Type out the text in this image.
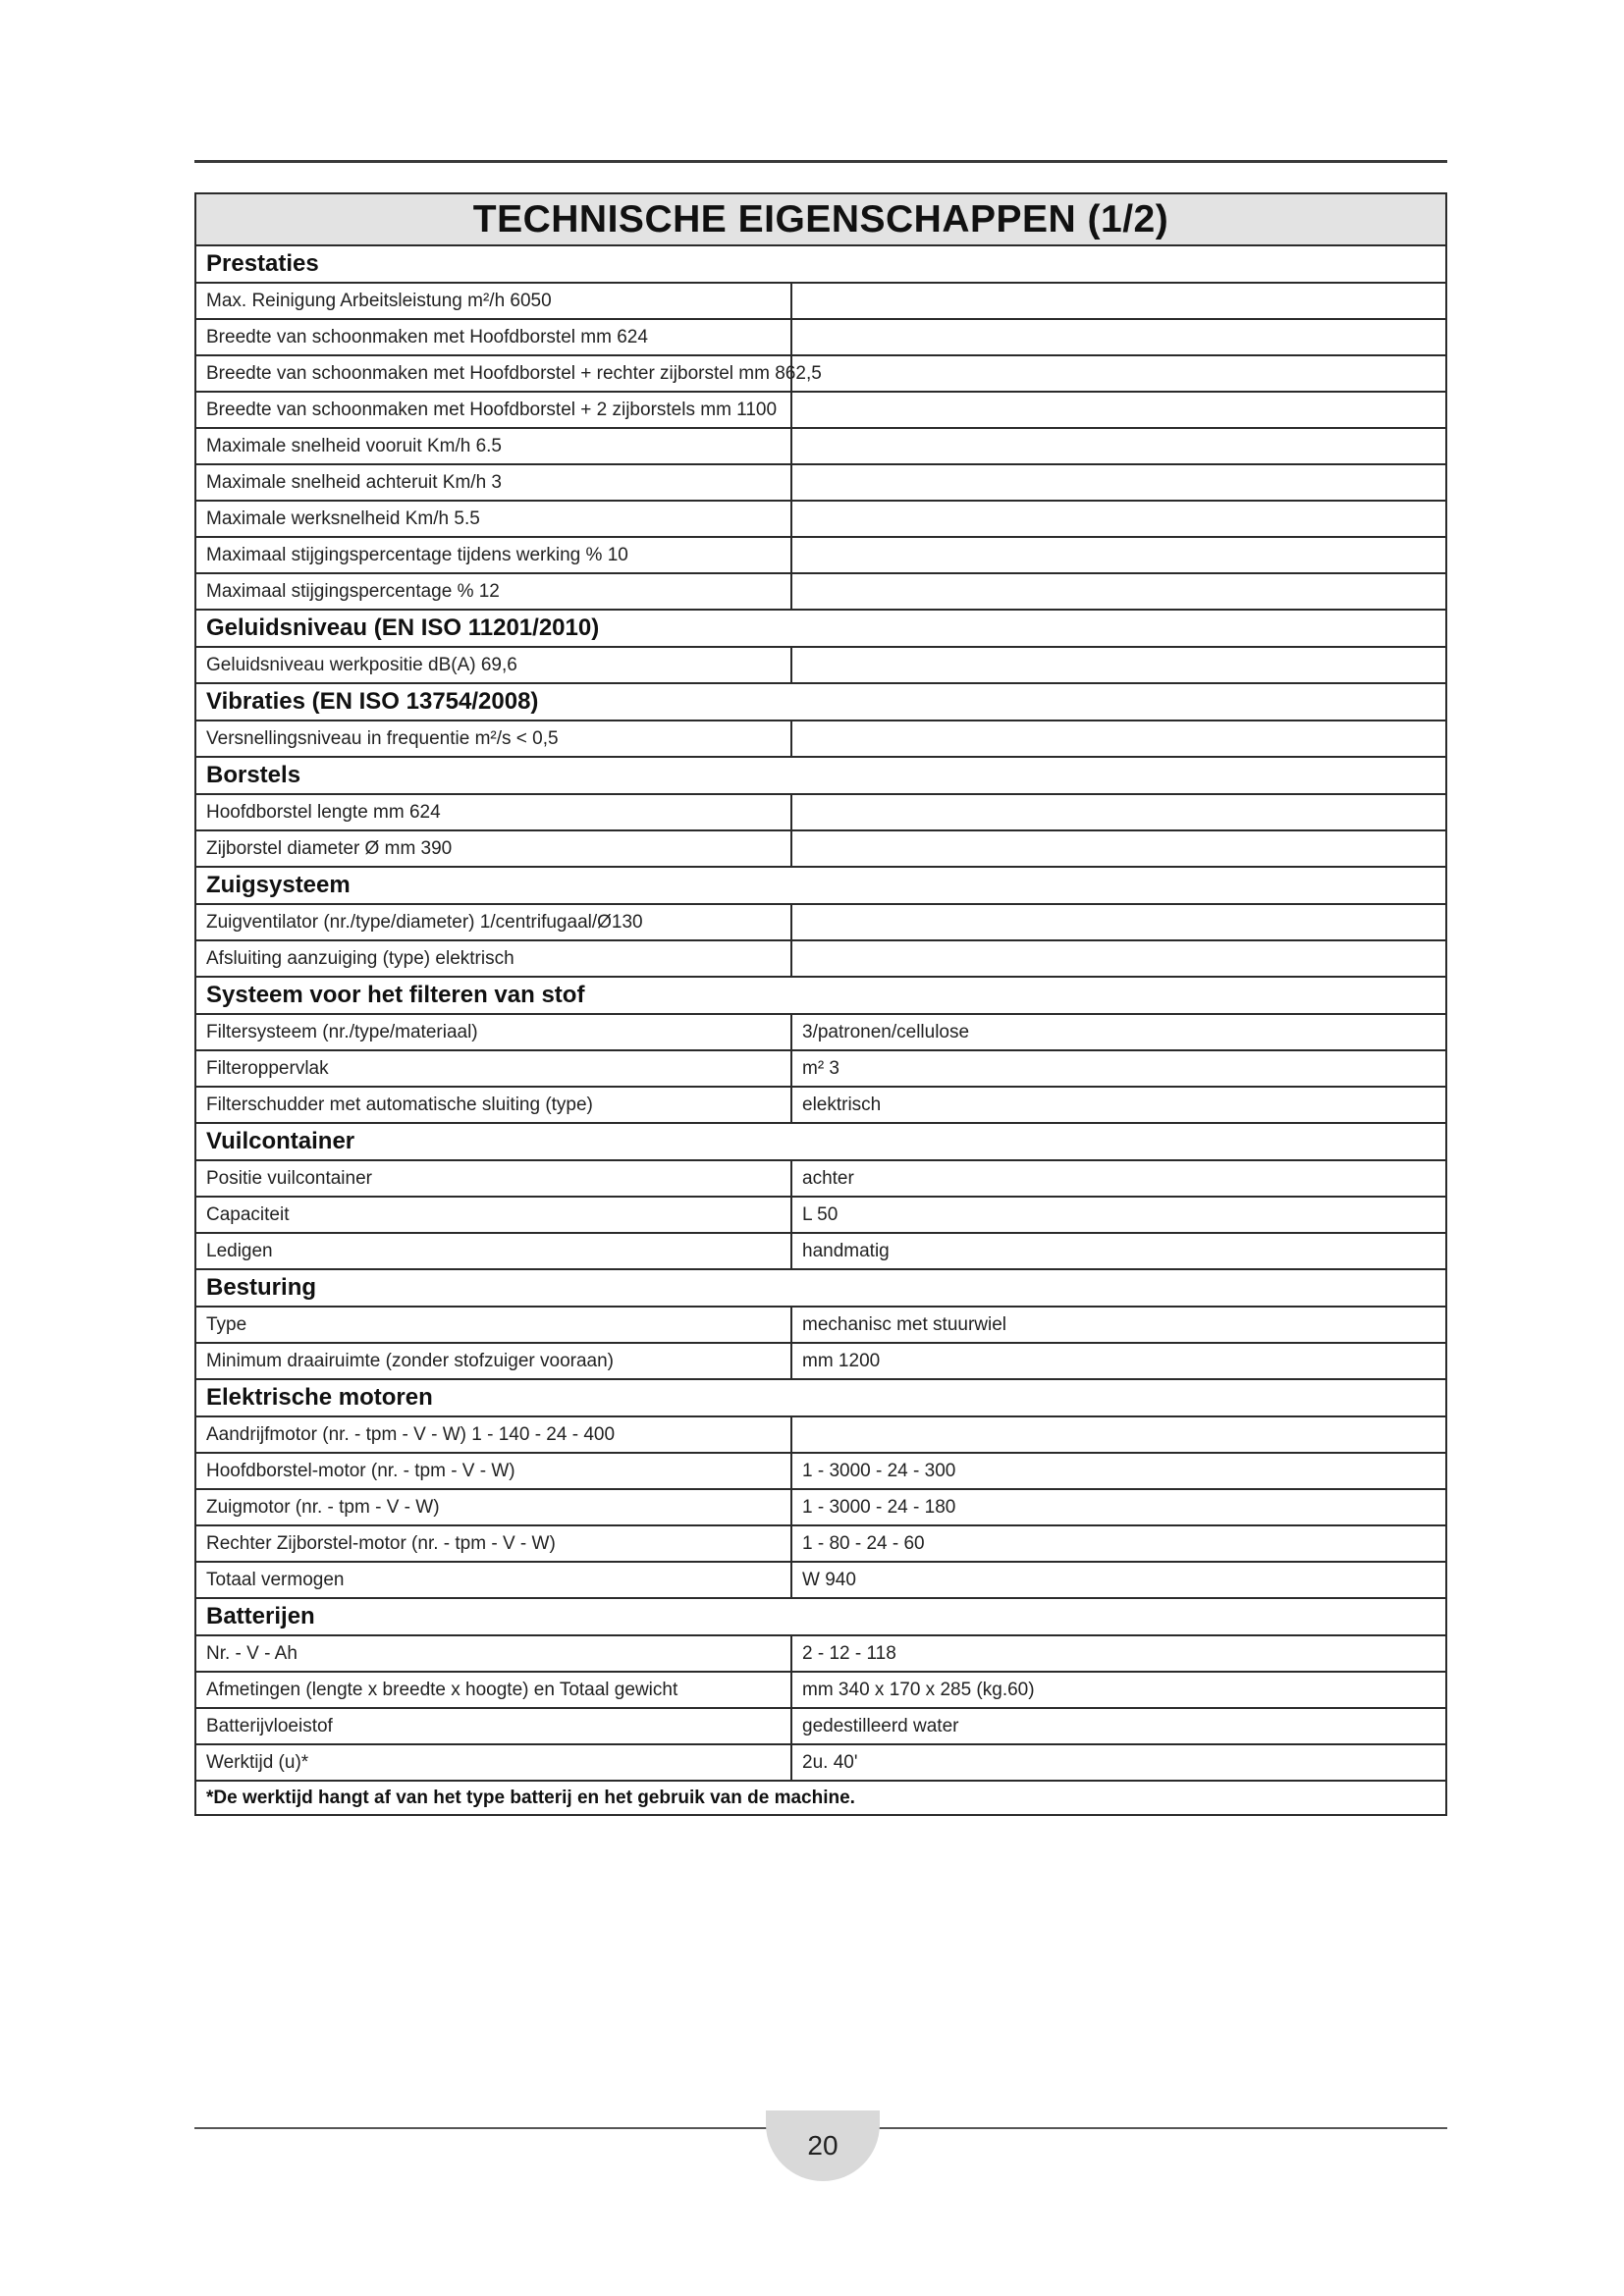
TECHNISCHE EIGENSCHAPPEN (1/2)	
Prestaties	
Max. Reinigung Arbeitsleistung m²/h 6050	
Breedte van schoonmaken met Hoofdborstel mm 624	
Breedte van schoonmaken met Hoofdborstel + rechter zijborstel mm 862,5	
Breedte van schoonmaken met Hoofdborstel + 2 zijborstels mm 1100	
Maximale snelheid vooruit Km/h 6.5	
Maximale snelheid achteruit Km/h 3	
Maximale werksnelheid Km/h 5.5	
Maximaal stijgingspercentage tijdens werking % 10	
Maximaal stijgingspercentage % 12	
Geluidsniveau (EN ISO 11201/2010)	
Geluidsniveau werkpositie dB(A) 69,6	
Vibraties (EN ISO 13754/2008)	
Versnellingsniveau in frequentie m²/s < 0,5	
Borstels	
Hoofdborstel lengte mm 624	
Zijborstel diameter Ø mm 390	
Zuigsysteem	
Zuigventilator (nr./type/diameter) 1/centrifugaal/Ø130	
Afsluiting aanzuiging (type) elektrisch	
Systeem voor het filteren van stof	
Filtersysteem (nr./type/materiaal)	3/patronen/cellulose
Filteroppervlak	m² 3
Filterschudder met automatische sluiting (type)	elektrisch
Vuilcontainer	
Positie vuilcontainer	achter
Capaciteit	L 50
Ledigen	handmatig
Besturing	
Type	mechanisc met stuurwiel
Minimum draairuimte (zonder stofzuiger vooraan)	mm 1200
Elektrische motoren	
Aandrijfmotor (nr. - tpm - V - W) 1 - 140 - 24 - 400	
Hoofdborstel-motor (nr. - tpm - V - W)	1 - 3000 - 24 - 300
Zuigmotor (nr. - tpm - V - W)	1 - 3000 - 24 - 180
Rechter Zijborstel-motor (nr. - tpm - V - W)	1 - 80 - 24 - 60
Totaal vermogen	W 940
Batterijen	
Nr. - V - Ah	2 - 12 - 118
Afmetingen (lengte x breedte x hoogte) en Totaal gewicht	mm 340 x 170 x 285 (kg.60)
Batterijvloeistof	gedestilleerd water
Werktijd (u)*	2u. 40'
*De werktijd hangt af van het type batterij en het gebruik van de machine.	
20
